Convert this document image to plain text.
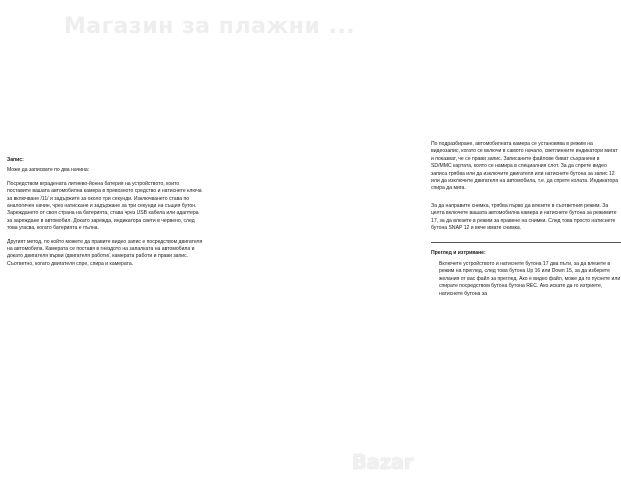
Магазин за плажни ...
Запис:

Може да записвате по два начина:

Посредством вградената литиево-йонна батерия на устройството, които поставите вашата автомобилна камера в превозното средство и натиснете ключа за включване /11/ и задържите за около три секунди. Изключването става по аналогичен начин, чрез натискане и задържане за три секунди на същия бутон. Зареждането от своя страна на батерията, става чрез USB кабела или адаптера за зареждане в автомобил. Докато зарежда, индикатора свети в червено, след това угасва, когато батерията е пълна.

Другият метод, по който можете да правите видео запис е посредством двигателя на автомобила. Камерата се поставя в гнездото на запалката на автомобила и докато двигателя върви /двигателя работи/, камерата работи и прави запис. Съответно, когато двигателя спре, спира и камерата.

По подразбиране, автомобилната камера се установява в режим на видеозапис, когато се включи в самото начало, светлинните индикатори мигат и показват, че се прави запис. Записаните файлове биват съхранени в SD/MMC картата, която се намира в специалния слот. За да спрете видео записа трябва или да изключите двигателя или натиснете бутона за запис 12 или да изключите двигателя на автомобила, т.е. да спрете колата. Индикатора спира да мига.

За да направите снимка, трябва първо да влезете в съответния режим. За целта включете вашата автомобилна камера и натиснете бутона за режимите 17, за да влезете в режим за правене на снимки. След това просто натиснете бутона SNAP 12 и вече имате снимка.

Преглед и изтриване:

Включете устройството и натиснете бутона 17 два пъти, за да влезете в режим на преглед, след това бутона Up 16 или Down 15, за да изберете желания от вас файл за преглед. Ако е видео файл, може да го пуснете или спирате посредством бутона бутона REC. Ако искате да го изтриете, натиснете бутона за

Bazar
